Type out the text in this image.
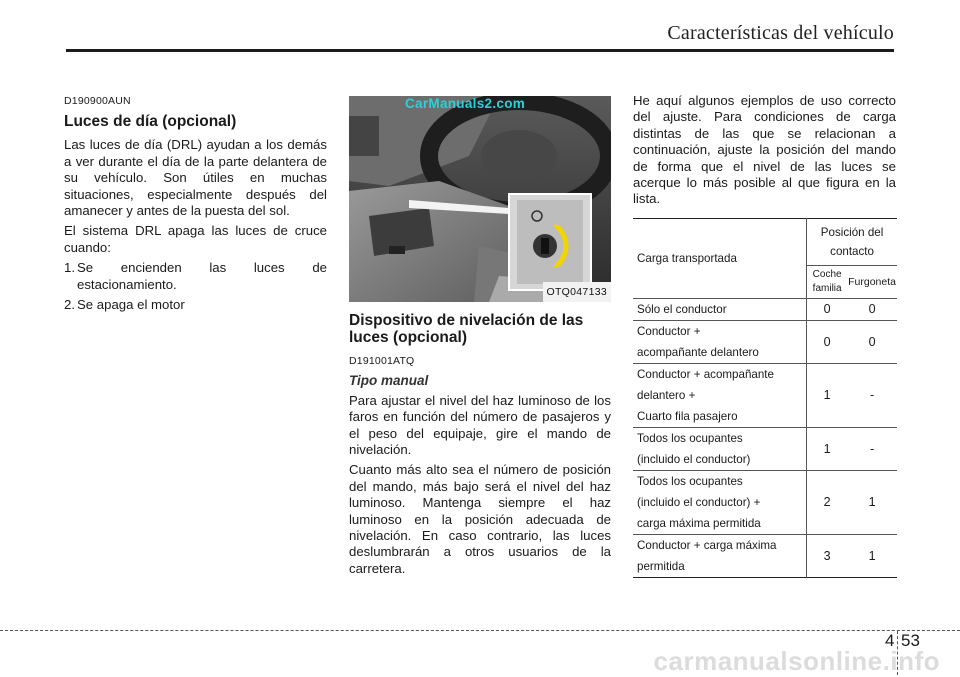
Características del vehículo
D190900AUN
Luces de día (opcional)

Las luces de día (DRL) ayudan a los demás a ver durante el día de la parte delantera de su vehículo. Son útiles en muchas situaciones, especialmente después del amanecer y antes de la puesta del sol.

El sistema DRL apaga las luces de cruce cuando:

1. Se encienden las luces de estacionamiento.
2. Se apaga el motor
CarManuals2.com
OTQ047133
Dispositivo de nivelación de las luces (opcional)
D191001ATQ
Tipo manual

Para ajustar el nivel del haz luminoso de los faros en función del número de pasajeros y el peso del equipaje, gire el mando de nivelación.

Cuanto más alto sea el número de posición del mando, más bajo será el nivel del haz luminoso. Mantenga siempre el haz luminoso en la posición adecuada de nivelación. En caso contrario, las luces deslumbrarán a otros usuarios de la carretera.

He aquí algunos ejemplos de uso correcto del ajuste. Para condiciones de carga distintas de las que se relacionan a continuación, ajuste la posición del mando de forma que el nivel de las luces se acerque lo más posible al que figura en la lista.

Carga transportada	Posición del
contacto	
	Coche
familia	Furgoneta
Sólo el conductor	0	0
Conductor +
acompañante delantero	0	0
Conductor + acompañante
delantero +
Cuarto fila pasajero	1	-
Todos los ocupantes
(incluido el conductor)	1	-
Todos los ocupantes
(incluido el conductor) +
carga máxima permitida	2	1
Conductor + carga máxima
permitida	3	1
4 53
carmanualsonline.info
